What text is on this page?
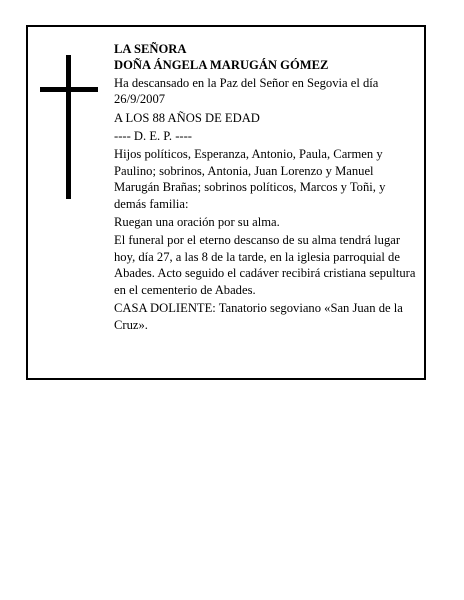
LA SEÑORA

DOÑA ÁNGELA MARUGÁN GÓMEZ

Ha descansado en la Paz del Señor en Segovia el día 26/9/2007

A LOS 88 AÑOS DE EDAD

---- D. E. P. ----

Hijos políticos, Esperanza, Antonio, Paula, Carmen y Paulino; sobrinos, Antonia, Juan Lorenzo y Manuel Marugán Brañas; sobrinos políticos, Marcos y Toñi, y demás familia:

Ruegan una oración por su alma.

El funeral por el eterno descanso de su alma tendrá lugar hoy, día 27, a las 8 de la tarde, en la iglesia parroquial de Abades. Acto seguido el cadáver recibirá cristiana sepultura en el cementerio de Abades.

CASA DOLIENTE: Tanatorio segoviano «San Juan de la Cruz».
